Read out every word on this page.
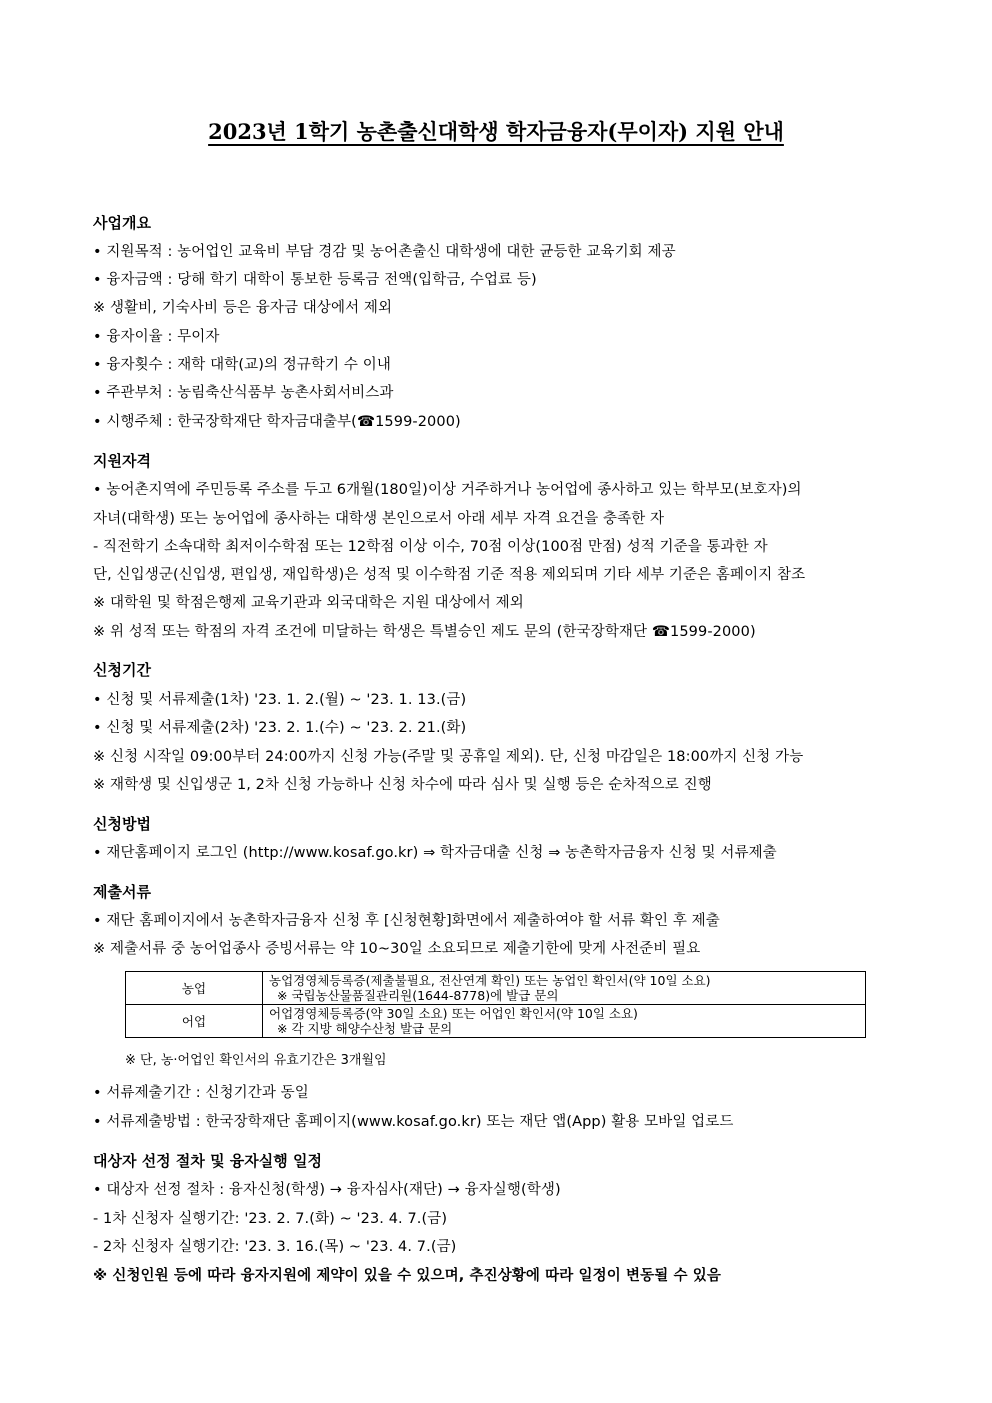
2023년 1학기 농촌출신대학생 학자금융자(무이자) 지원 안내
사업개요
• 지원목적 : 농어업인 교육비 부담 경감 및 농어촌출신 대학생에 대한 균등한 교육기회 제공
• 융자금액 : 당해 학기 대학이 통보한 등록금 전액(입학금, 수업료 등)
※ 생활비, 기숙사비 등은 융자금 대상에서 제외
• 융자이율 : 무이자
• 융자횟수 : 재학 대학(교)의 정규학기 수 이내
• 주관부처 : 농림축산식품부 농촌사회서비스과
• 시행주체 : 한국장학재단 학자금대출부(☎1599-2000)
지원자격
• 농어촌지역에 주민등록 주소를 두고 6개월(180일)이상 거주하거나 농어업에 종사하고 있는 학부모(보호자)의
자녀(대학생) 또는 농어업에 종사하는 대학생 본인으로서 아래 세부 자격 요건을 충족한 자
- 직전학기 소속대학 최저이수학점 또는 12학점 이상 이수, 70점 이상(100점 만점) 성적 기준을 통과한 자
단, 신입생군(신입생, 편입생, 재입학생)은 성적 및 이수학점 기준 적용 제외되며 기타 세부 기준은 홈페이지 참조
※ 대학원 및 학점은행제 교육기관과 외국대학은 지원 대상에서 제외
※ 위 성적 또는 학점의 자격 조건에 미달하는 학생은 특별승인 제도 문의 (한국장학재단 ☎1599-2000)
신청기간
• 신청 및 서류제출(1차) '23. 1. 2.(월) ~ '23. 1. 13.(금)
• 신청 및 서류제출(2차) '23. 2. 1.(수) ~ '23. 2. 21.(화)
※ 신청 시작일 09:00부터 24:00까지 신청 가능(주말 및 공휴일 제외). 단, 신청 마감일은 18:00까지 신청 가능
※ 재학생 및 신입생군 1, 2차 신청 가능하나 신청 차수에 따라 심사 및 실행 등은 순차적으로 진행
신청방법
• 재단홈페이지 로그인 (http://www.kosaf.go.kr) ⇒ 학자금대출 신청 ⇒ 농촌학자금융자 신청 및 서류제출
제출서류
• 재단 홈페이지에서 농촌학자금융자 신청 후 [신청현황]화면에서 제출하여야 할 서류 확인 후 제출
※ 제출서류 중 농어업종사 증빙서류는 약 10~30일 소요되므로 제출기한에 맞게 사전준비 필요
농업	농업경영체등록증(제출불필요, 전산연계 확인) 또는 농업인 확인서(약 10일 소요)
※ 국립농산물품질관리원(1644-8778)에 발급 문의

어업	어업경영체등록증(약 30일 소요) 또는 어업인 확인서(약 10일 소요)
※ 각 지방 해양수산청 발급 문의
※ 단, 농·어업인 확인서의 유효기간은 3개월임
• 서류제출기간 : 신청기간과 동일
• 서류제출방법 : 한국장학재단 홈페이지(www.kosaf.go.kr) 또는 재단 앱(App) 활용 모바일 업로드
대상자 선정 절차 및 융자실행 일정
• 대상자 선정 절차 : 융자신청(학생) → 융자심사(재단) → 융자실행(학생)
- 1차 신청자 실행기간: '23. 2. 7.(화) ~ '23. 4. 7.(금)
- 2차 신청자 실행기간: '23. 3. 16.(목) ~ '23. 4. 7.(금)
※ 신청인원 등에 따라 융자지원에 제약이 있을 수 있으며, 추진상황에 따라 일정이 변동될 수 있음
